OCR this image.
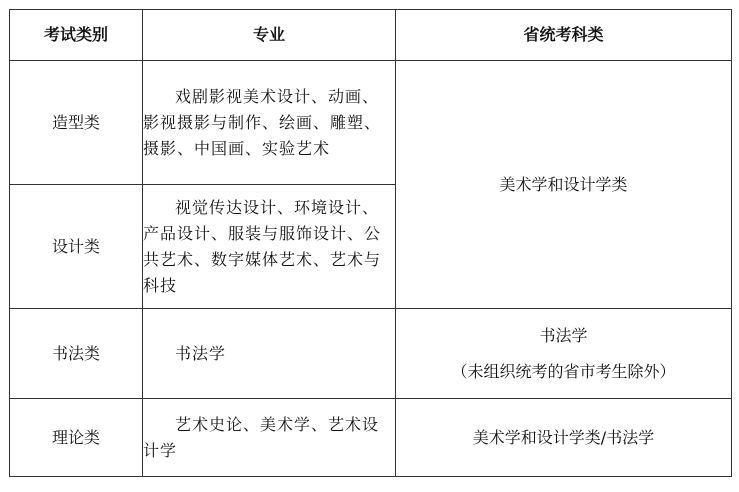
考试类别	专业	省统考科类
造型类	戏剧影视美术设计、动画、影视摄影与制作、绘画、雕塑、摄影、中国画、实验艺术	美术学和设计学类

设计类	视觉传达设计、环境设计、产品设计、服装与服饰设计、公共艺术、数字媒体艺术、艺术与科技	

书法类	书法学	书法学
（未组织统考的省市考生除外）

理论类	艺术史论、美术学、艺术设计学	美术学和设计学类/书法学
